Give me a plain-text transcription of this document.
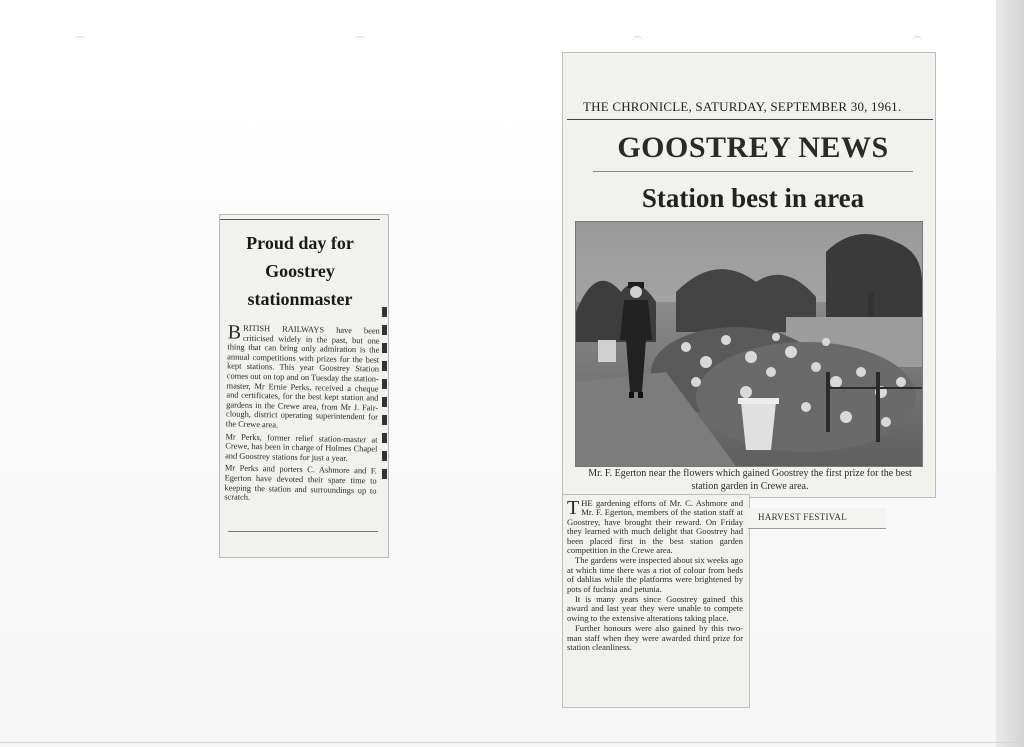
Proud day for
Goostrey
stationmaster

BRITISH RAILWAYS have been criticised widely in the past, but one thing that can bring only admiration is the annual competitions with prizes for the best kept stations. This year Goostrey Station comes out on top and on Tuesday the station-master, Mr Ernie Perks, received a cheque and certificates, for the best kept station and gardens in the Crewe area, from Mr J. Fair-clough, district operating superintendent for the Crewe area.

Mr Perks, former relief station-master at Crewe, has been in charge of Holmes Chapel and Goostrey stations for just a year.

Mr Perks and porters C. Ashmore and F. Egerton have devoted their spare time to keeping the station and surroundings up to scratch.

THE CHRONICLE, SATURDAY, SEPTEMBER 30, 1961.
GOOSTREY NEWS
Station best in area
Mr. F. Egerton near the flowers which gained Goostrey the first prize for the best station garden in Crewe area.

THE gardening efforts of Mr. C. Ashmore and Mr. F. Egerton, members of the station staff at Goostrey, have brought their reward. On Friday they learned with much delight that Goostrey had been placed first in the best station garden competition in the Crewe area.

The gardens were inspected about six weeks ago at which time there was a riot of colour from beds of dahlias while the platforms were brightened by pots of fuchsia and petunia.

It is many years since Goostrey gained this award and last year they were unable to compete owing to the extensive alterations taking place.

Further honours were also gained by this two-man staff when they were awarded third prize for station cleanliness.

HARVEST FESTIVAL
